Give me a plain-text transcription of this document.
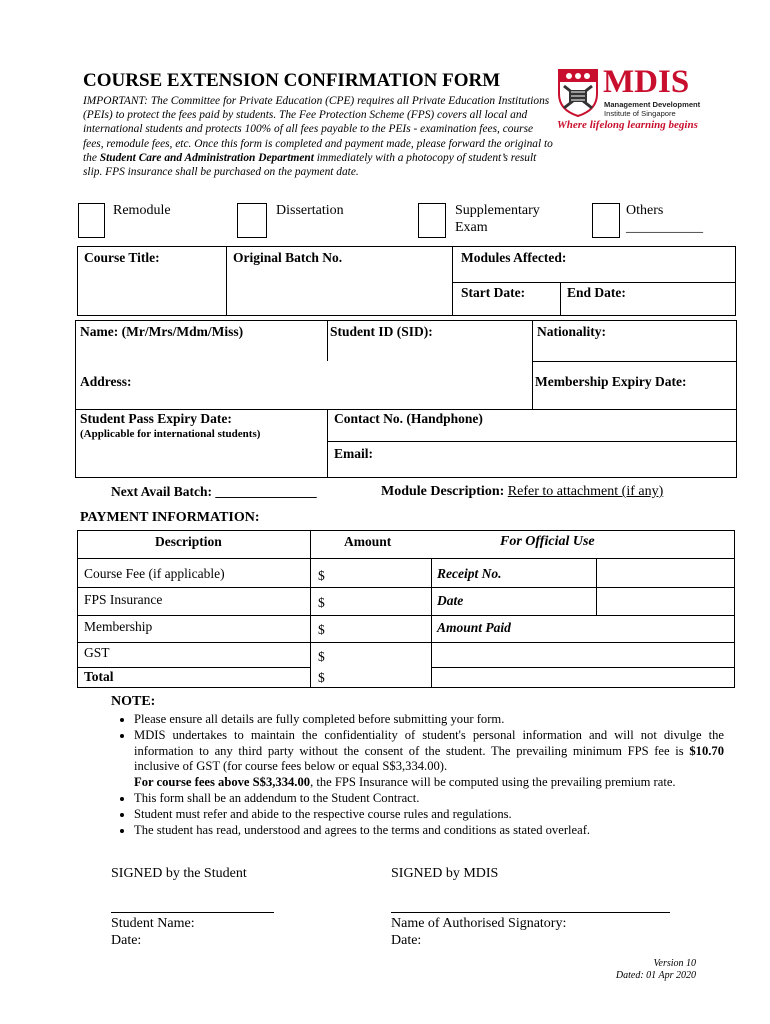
COURSE EXTENSION CONFIRMATION FORM
IMPORTANT: The Committee for Private Education (CPE) requires all Private Education Institutions (PEIs) to protect the fees paid by students. The Fee Protection Scheme (FPS) covers all local and international students and protects 100% of all fees payable to the PEIs - examination fees, course fees, remodule fees, etc. Once this form is completed and payment made, please forward the original to the Student Care and Administration Department immediately with a photocopy of student’s result slip. FPS insurance shall be purchased on the payment date.
MDIS
Management Development
Institute of Singapore
Where lifelong learning begins
Remodule	Dissertation	Supplementary
Exam
Others
___________
Course Title:	Original Batch No.	Modules Affected:
Start Date:	End Date:
Name: (Mr/Mrs/Mdm/Miss)	Student ID (SID):	Nationality:
Address:	Membership Expiry Date:
Student Pass Expiry Date:
(Applicable for international students)
Contact No. (Handphone)
Email:
Next Avail Batch: _______________	Module Description: Refer to attachment (if any)
PAYMENT INFORMATION:
Description	Amount	For Official Use
Course Fee (if applicable)	$	Receipt No.
FPS Insurance	$	Date
Membership	$	Amount Paid
GST	$
Total	$
NOTE:
• Please ensure all details are fully completed before submitting your form.
• MDIS undertakes to maintain the confidentiality of student's personal information and will not divulge the information to any third party without the consent of the student. The prevailing minimum FPS fee is $10.70 inclusive of GST (for course fees below or equal S$3,334.00).
For course fees above S$3,334.00, the FPS Insurance will be computed using the prevailing premium rate.
• This form shall be an addendum to the Student Contract.
• Student must refer and abide to the respective course rules and regulations.
• The student has read, understood and agrees to the terms and conditions as stated overleaf.
SIGNED by the Student	SIGNED by MDIS
Student Name:	Name of Authorised Signatory:
Date:	Date:
Version 10
Dated: 01 Apr 2020
